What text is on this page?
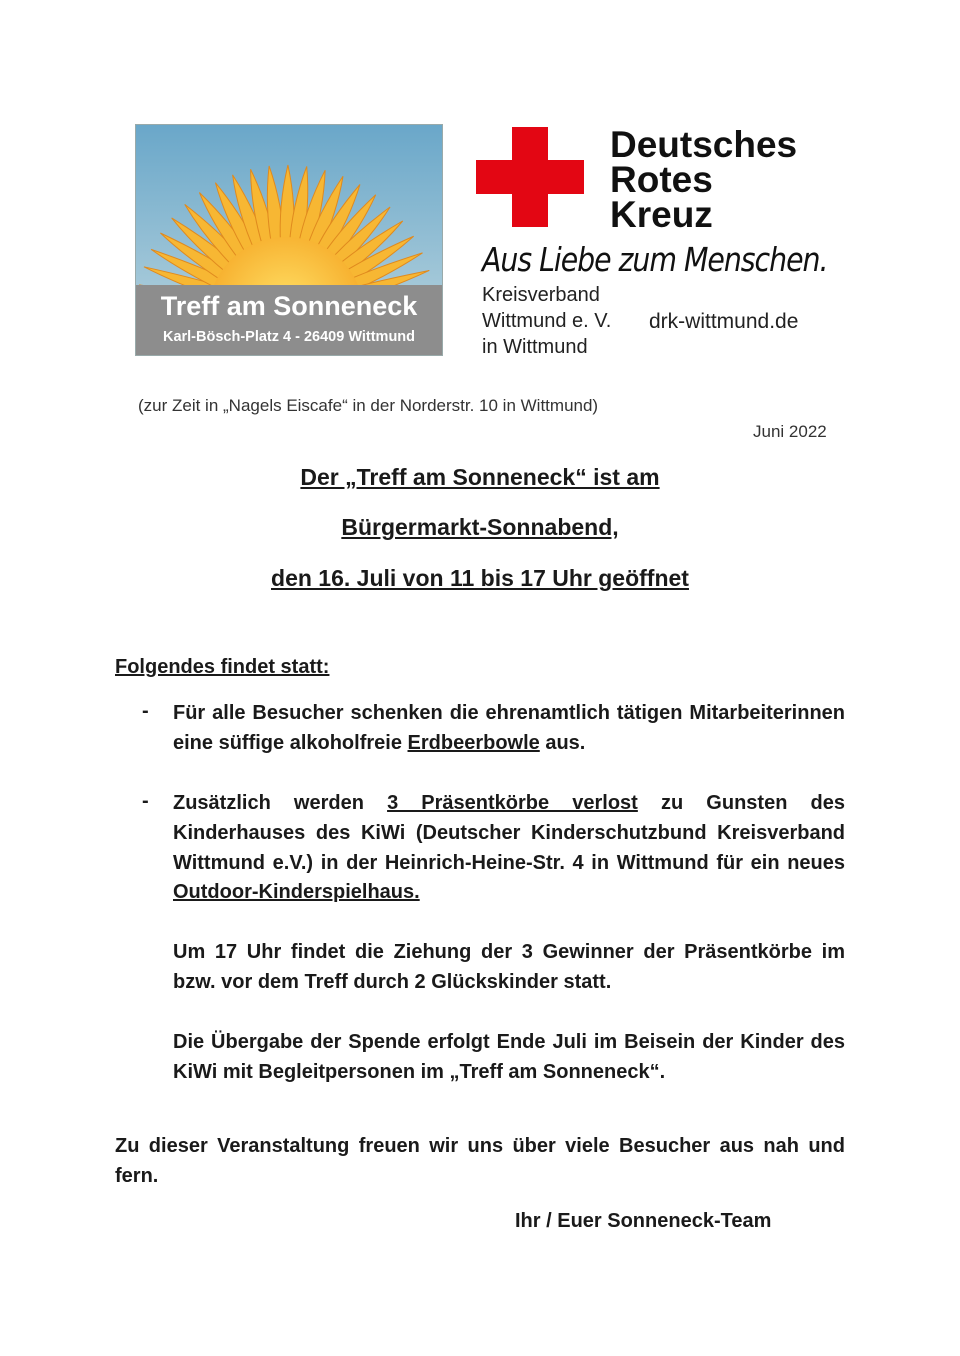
Treff am Sonneneck
Karl-Bösch-Platz 4 - 26409 Wittmund
Deutsches
Rotes
Kreuz
Aus Liebe zum Menschen.
Kreisverband
Wittmund e. V.
in Wittmund
drk-wittmund.de
(zur Zeit in „Nagels Eiscafe“ in der Norderstr. 10 in Wittmund)
Juni 2022
Der „Treff am Sonneneck“ ist am
Bürgermarkt-Sonnabend,
den 16. Juli von 11 bis 17 Uhr geöffnet
Folgendes findet statt:
- Für alle Besucher schenken die ehrenamtlich tätigen Mitarbeiterinnen eine süffige alkoholfreie Erdbeerbowle aus.
- Zusätzlich werden 3 Präsentkörbe verlost zu Gunsten des Kinderhauses des KiWi (Deutscher Kinderschutzbund Kreisverband Wittmund e.V.) in der Heinrich-Heine-Str. 4 in Wittmund für ein neues Outdoor-Kinderspielhaus.
Um 17 Uhr findet die Ziehung der 3 Gewinner der Präsentkörbe im bzw. vor dem Treff durch 2 Glückskinder statt.
Die Übergabe der Spende erfolgt Ende Juli im Beisein der Kinder des KiWi mit Begleitpersonen im „Treff am Sonneneck“.
Zu dieser Veranstaltung freuen wir uns über viele Besucher aus nah und fern.
Ihr / Euer Sonneneck-Team
